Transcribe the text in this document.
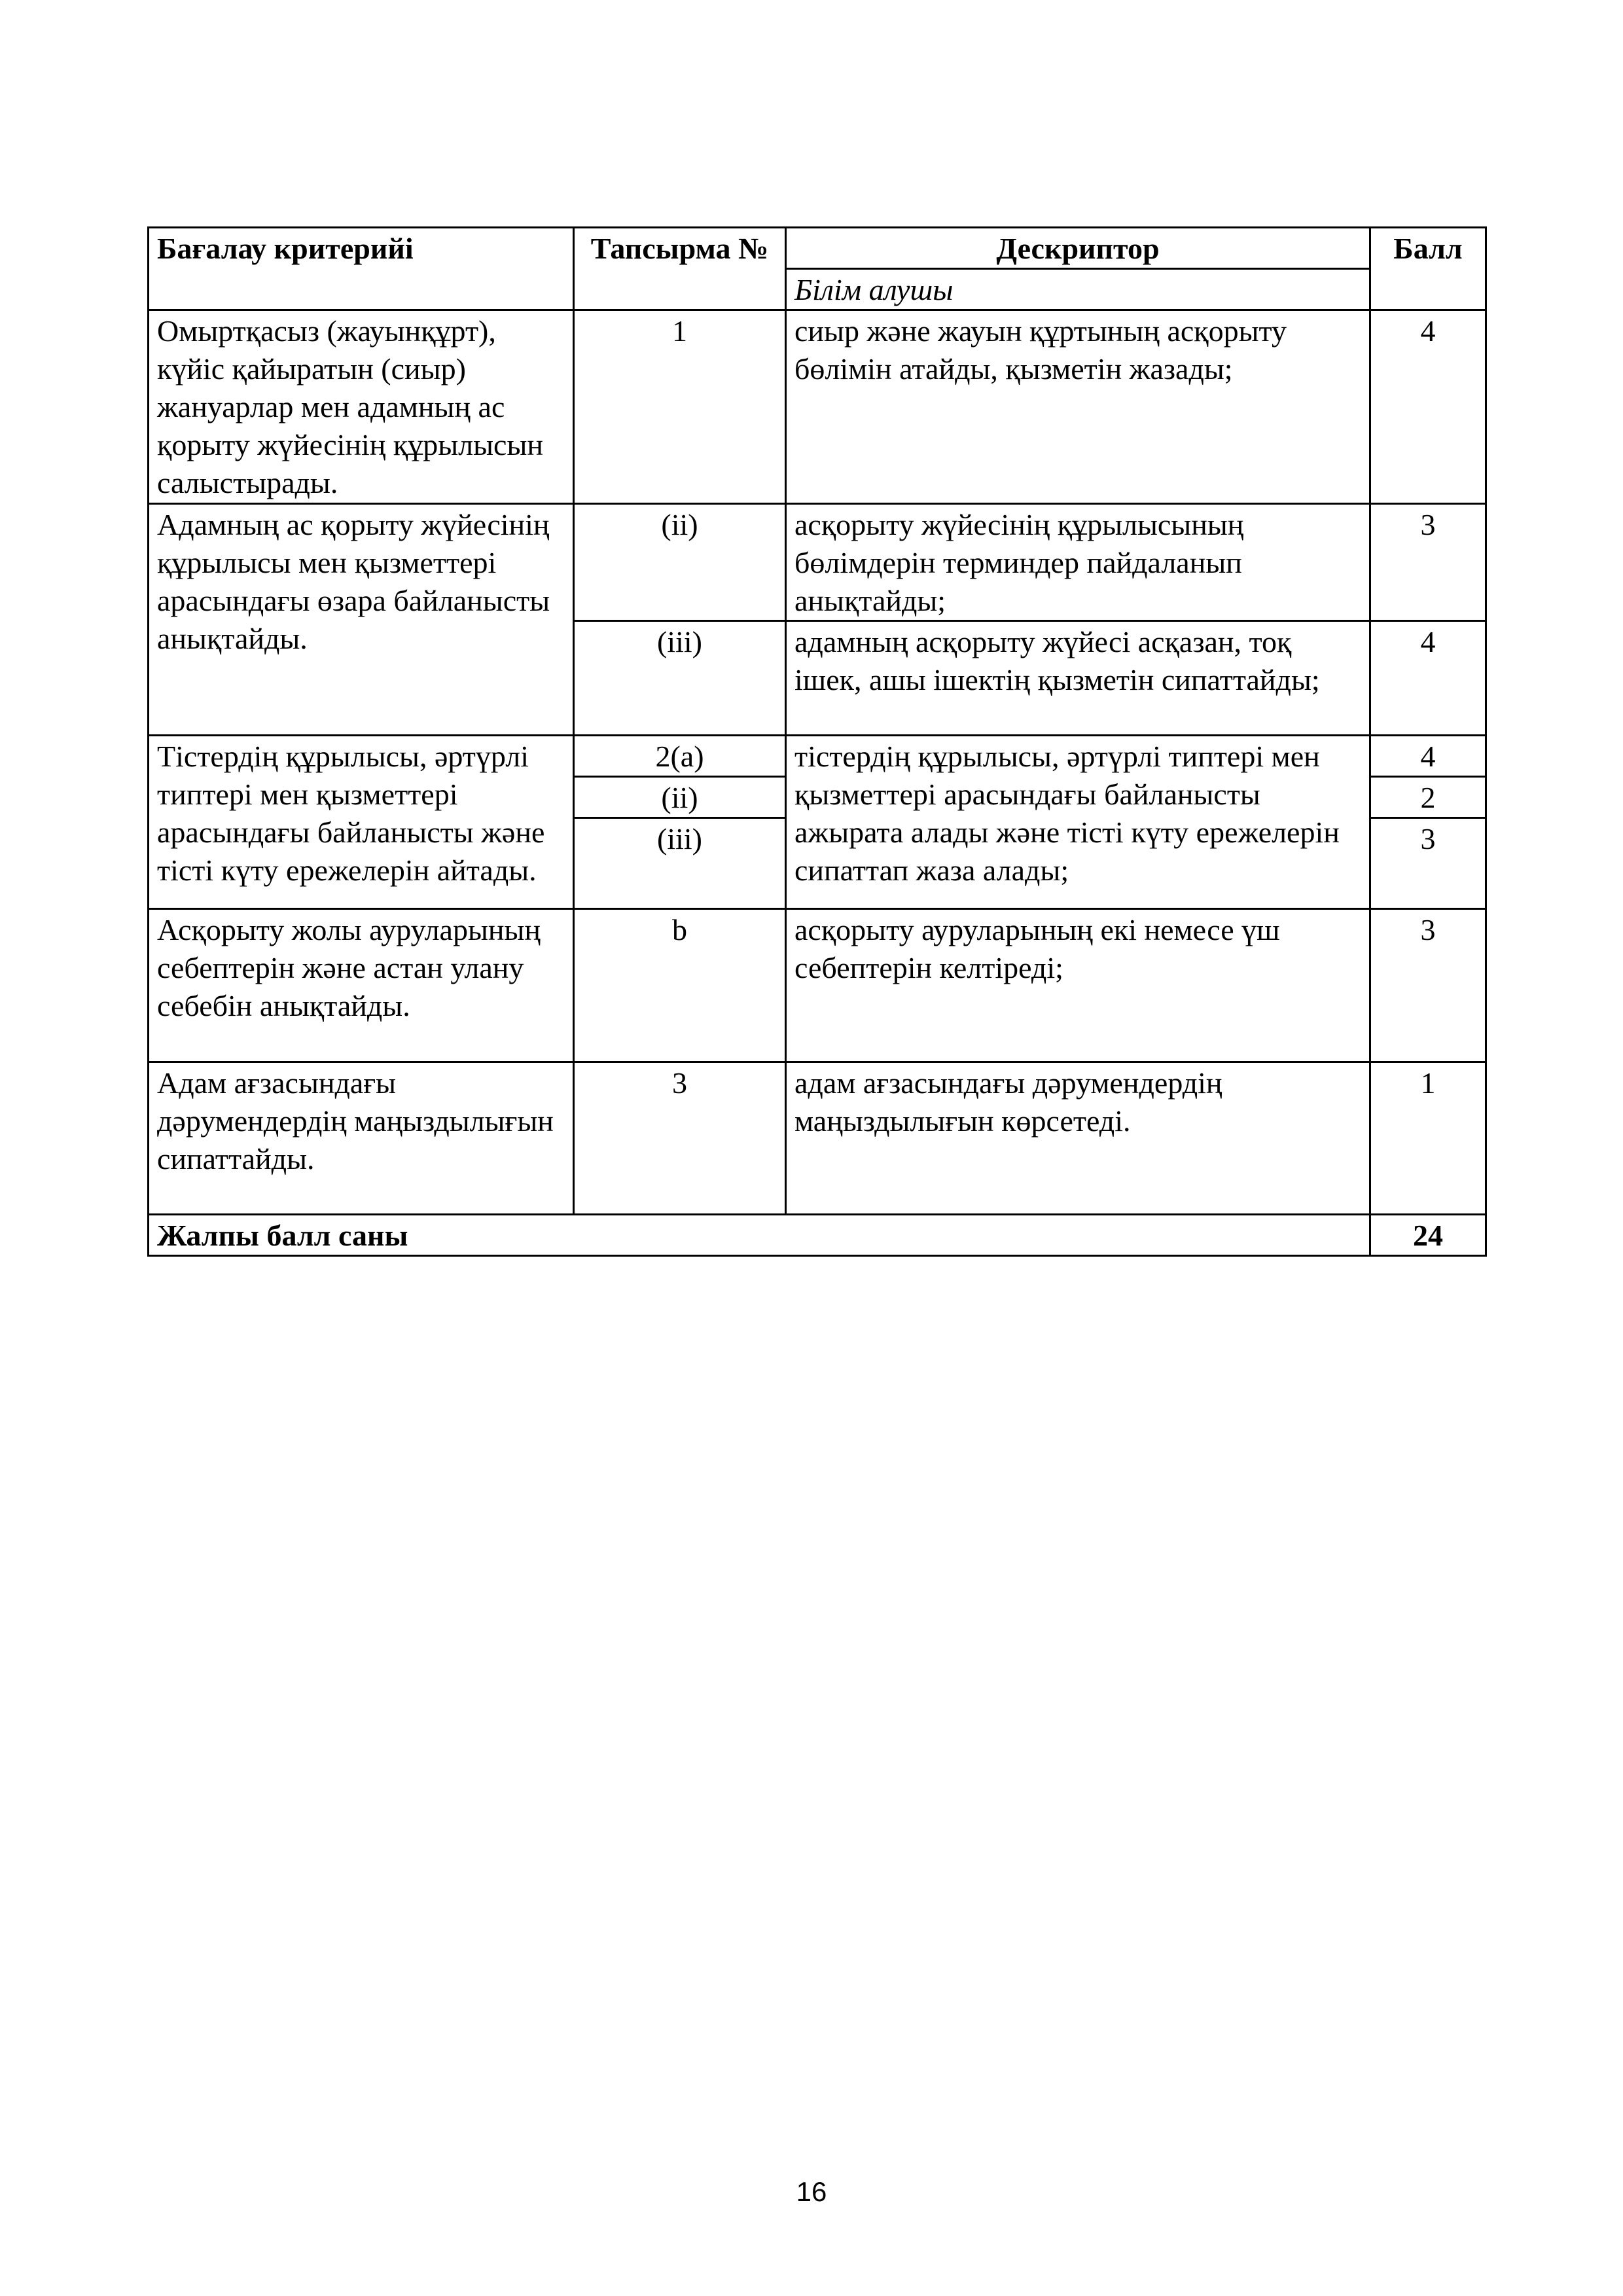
Бағалау критерийі	Тапсырма №	Дескриптор	Балл
		Білім алушы	
Омыртқасыз (жауынқұрт), күйіс қайыратын (сиыр) жануарлар мен адамның ас қорыту жүйесінің құрылысын салыстырады.	1	сиыр және жауын құртының асқорыту бөлімін атайды, қызметін жазады;	4
Адамның ас қорыту жүйесінің құрылысы мен қызметтері арасындағы өзара байланысты анықтайды.	(ii)	асқорыту жүйесінің құрылысының бөлімдерін терминдер пайдаланып анықтайды;	3
	(iii)	адамның асқорыту жүйесі асқазан, тоқ ішек, ашы ішектің қызметін сипаттайды;	4
Тістердің құрылысы, әртүрлі типтері мен қызметтері арасындағы байланысты және тісті күту ережелерін айтады.	2(a)	тістердің құрылысы, әртүрлі типтері мен қызметтері арасындағы байланысты ажырата алады және тісті күту ережелерін сипаттап жаза алады;	4
	(ii)		2
	(iii)		3
Асқорыту жолы ауруларының себептерін және астан улану себебін анықтайды.	b	асқорыту ауруларының екі немесе үш себептерін келтіреді;	3
Адам ағзасындағы дәрумендердің маңыздылығын сипаттайды.	3	адам ағзасындағы дәрумендердің маңыздылығын көрсетеді.	1
Жалпы балл саны			24
16
